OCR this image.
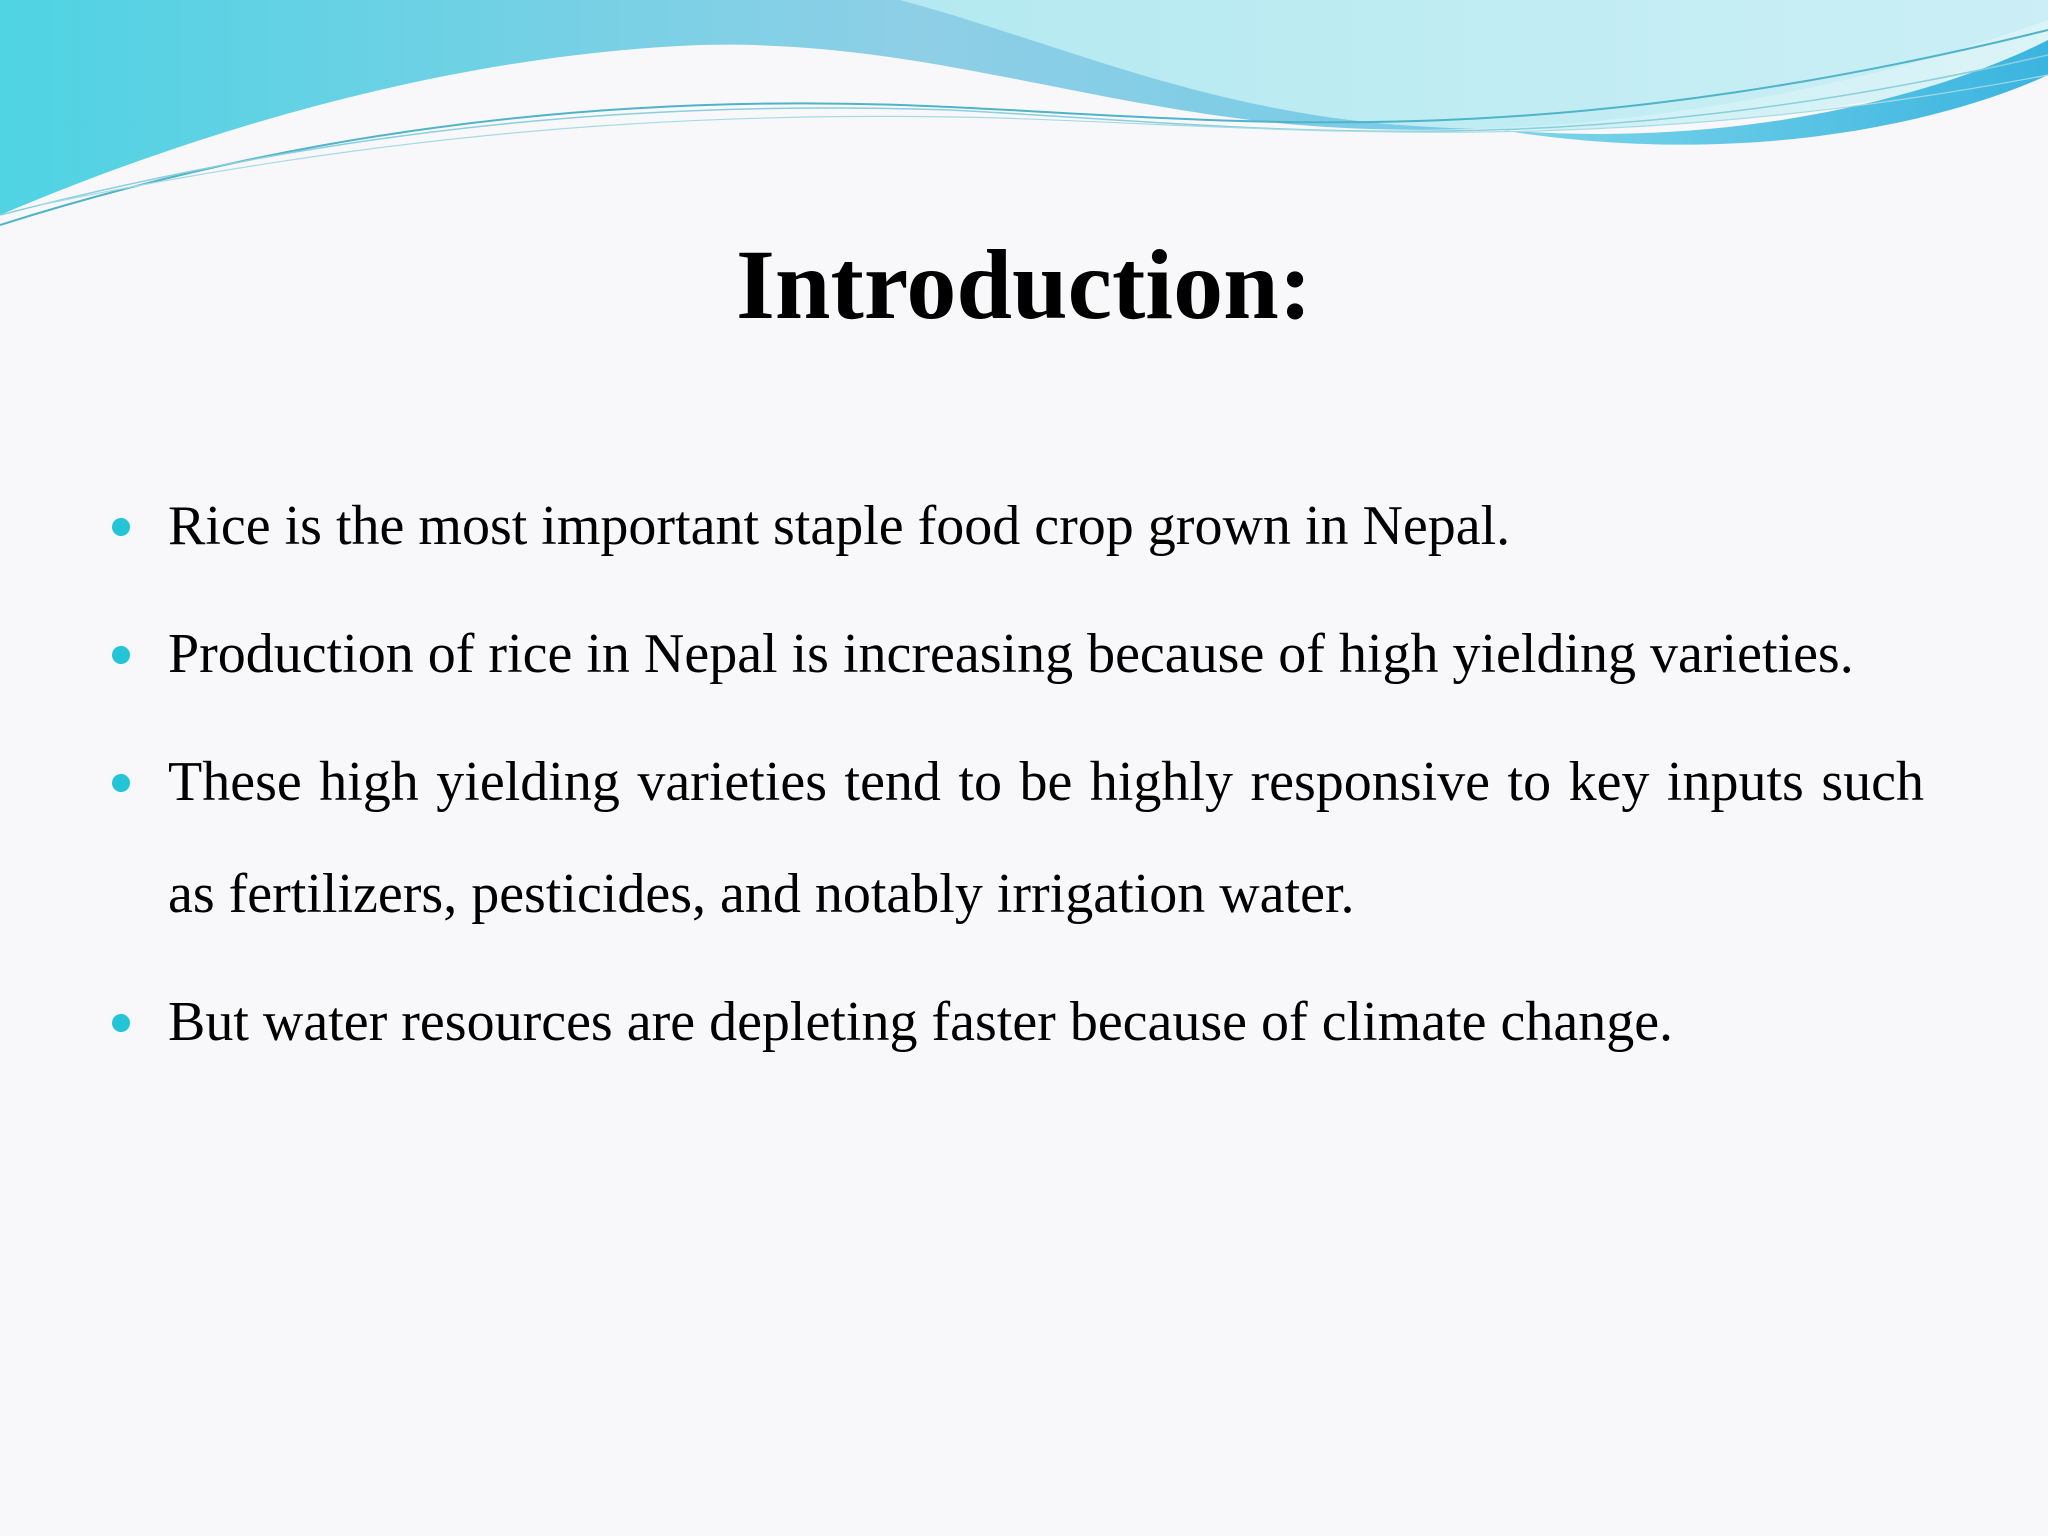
Introduction:
Rice is the most important staple food crop grown in Nepal.
Production of rice in Nepal is increasing because of high yielding varieties.
These high yielding varieties tend to be highly responsive to key inputs such as fertilizers, pesticides, and notably irrigation water.
But water resources are depleting faster because of climate change.
